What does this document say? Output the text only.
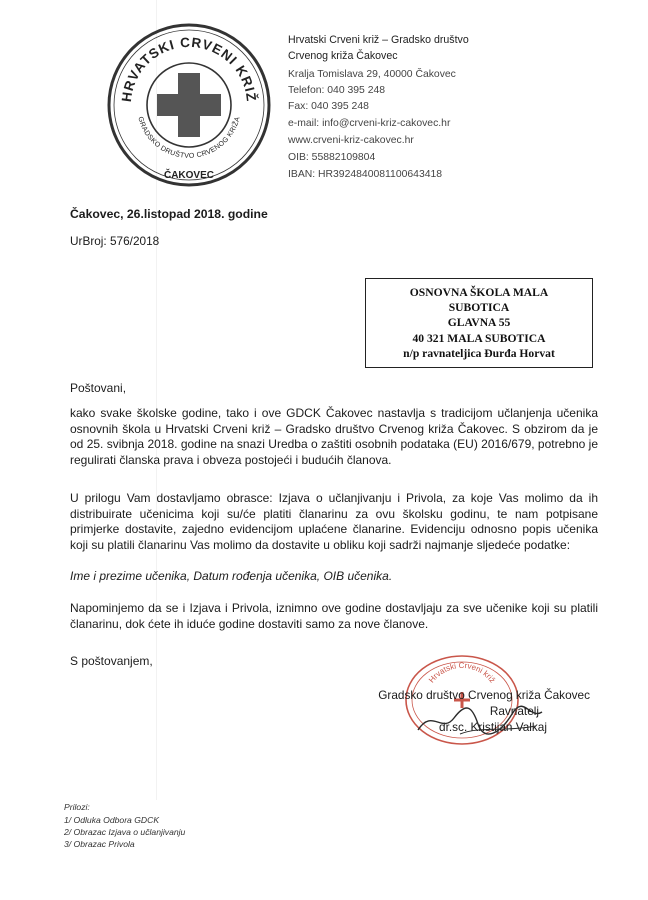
HRVATSKI CRVENI KRIŽ
GRADSKO DRUŠTVO CRVENOG KRIŽA
ČAKOVEC
Hrvatski Crveni križ – Gradsko društvo
Crvenog križa Čakovec
Kralja Tomislava 29, 40000 Čakovec
Telefon: 040 395 248
Fax: 040 395 248
e-mail: info@crveni-kriz-cakovec.hr
www.crveni-kriz-cakovec.hr
OIB: 55882109804
IBAN: HR3924840081100643418
Čakovec, 26.listopad 2018. godine
UrBroj: 576/2018
OSNOVNA ŠKOLA MALA
SUBOTICA
GLAVNA 55
40 321 MALA SUBOTICA
n/p ravnateljica Đurđa Horvat
Poštovani,
kako svake školske godine, tako i ove GDCK Čakovec nastavlja s tradicijom učlanjenja učenika osnovnih škola u Hrvatski Crveni križ – Gradsko društvo Crvenog križa Čakovec. S obzirom da je od 25. svibnja 2018. godine na snazi Uredba o zaštiti osobnih podataka (EU) 2016/679, potrebno je regulirati članska prava i obveza postojeći i budućih članova.
U prilogu Vam dostavljamo obrasce: Izjava o učlanjivanju i Privola, za koje Vas molimo da ih distribuirate učenicima koji su/će platiti članarinu za ovu školsku godinu, te nam potpisane primjerke dostavite, zajedno evidencijom uplaćene članarine. Evidenciju odnosno popis učenika koji su platili članarinu Vas molimo da dostavite u obliku koji sadrži najmanje sljedeće podatke:
Ime i prezime učenika, Datum rođenja učenika, OIB učenika.
Napominjemo da se i Izjava i Privola, iznimno ove godine dostavljaju za sve učenike koji su platili članarinu, dok ćete ih iduće godine dostaviti samo za nove članove.
S poštovanjem,
Hrvatski Crveni križ
Gradsko društvo Crvenog križa Čakovec
Ravnatelj
dr.sc. Kristijan Valkaj
Prilozi:
1/ Odluka Odbora GDCK
2/ Obrazac Izjava o učlanjivanju
3/ Obrazac Privola
